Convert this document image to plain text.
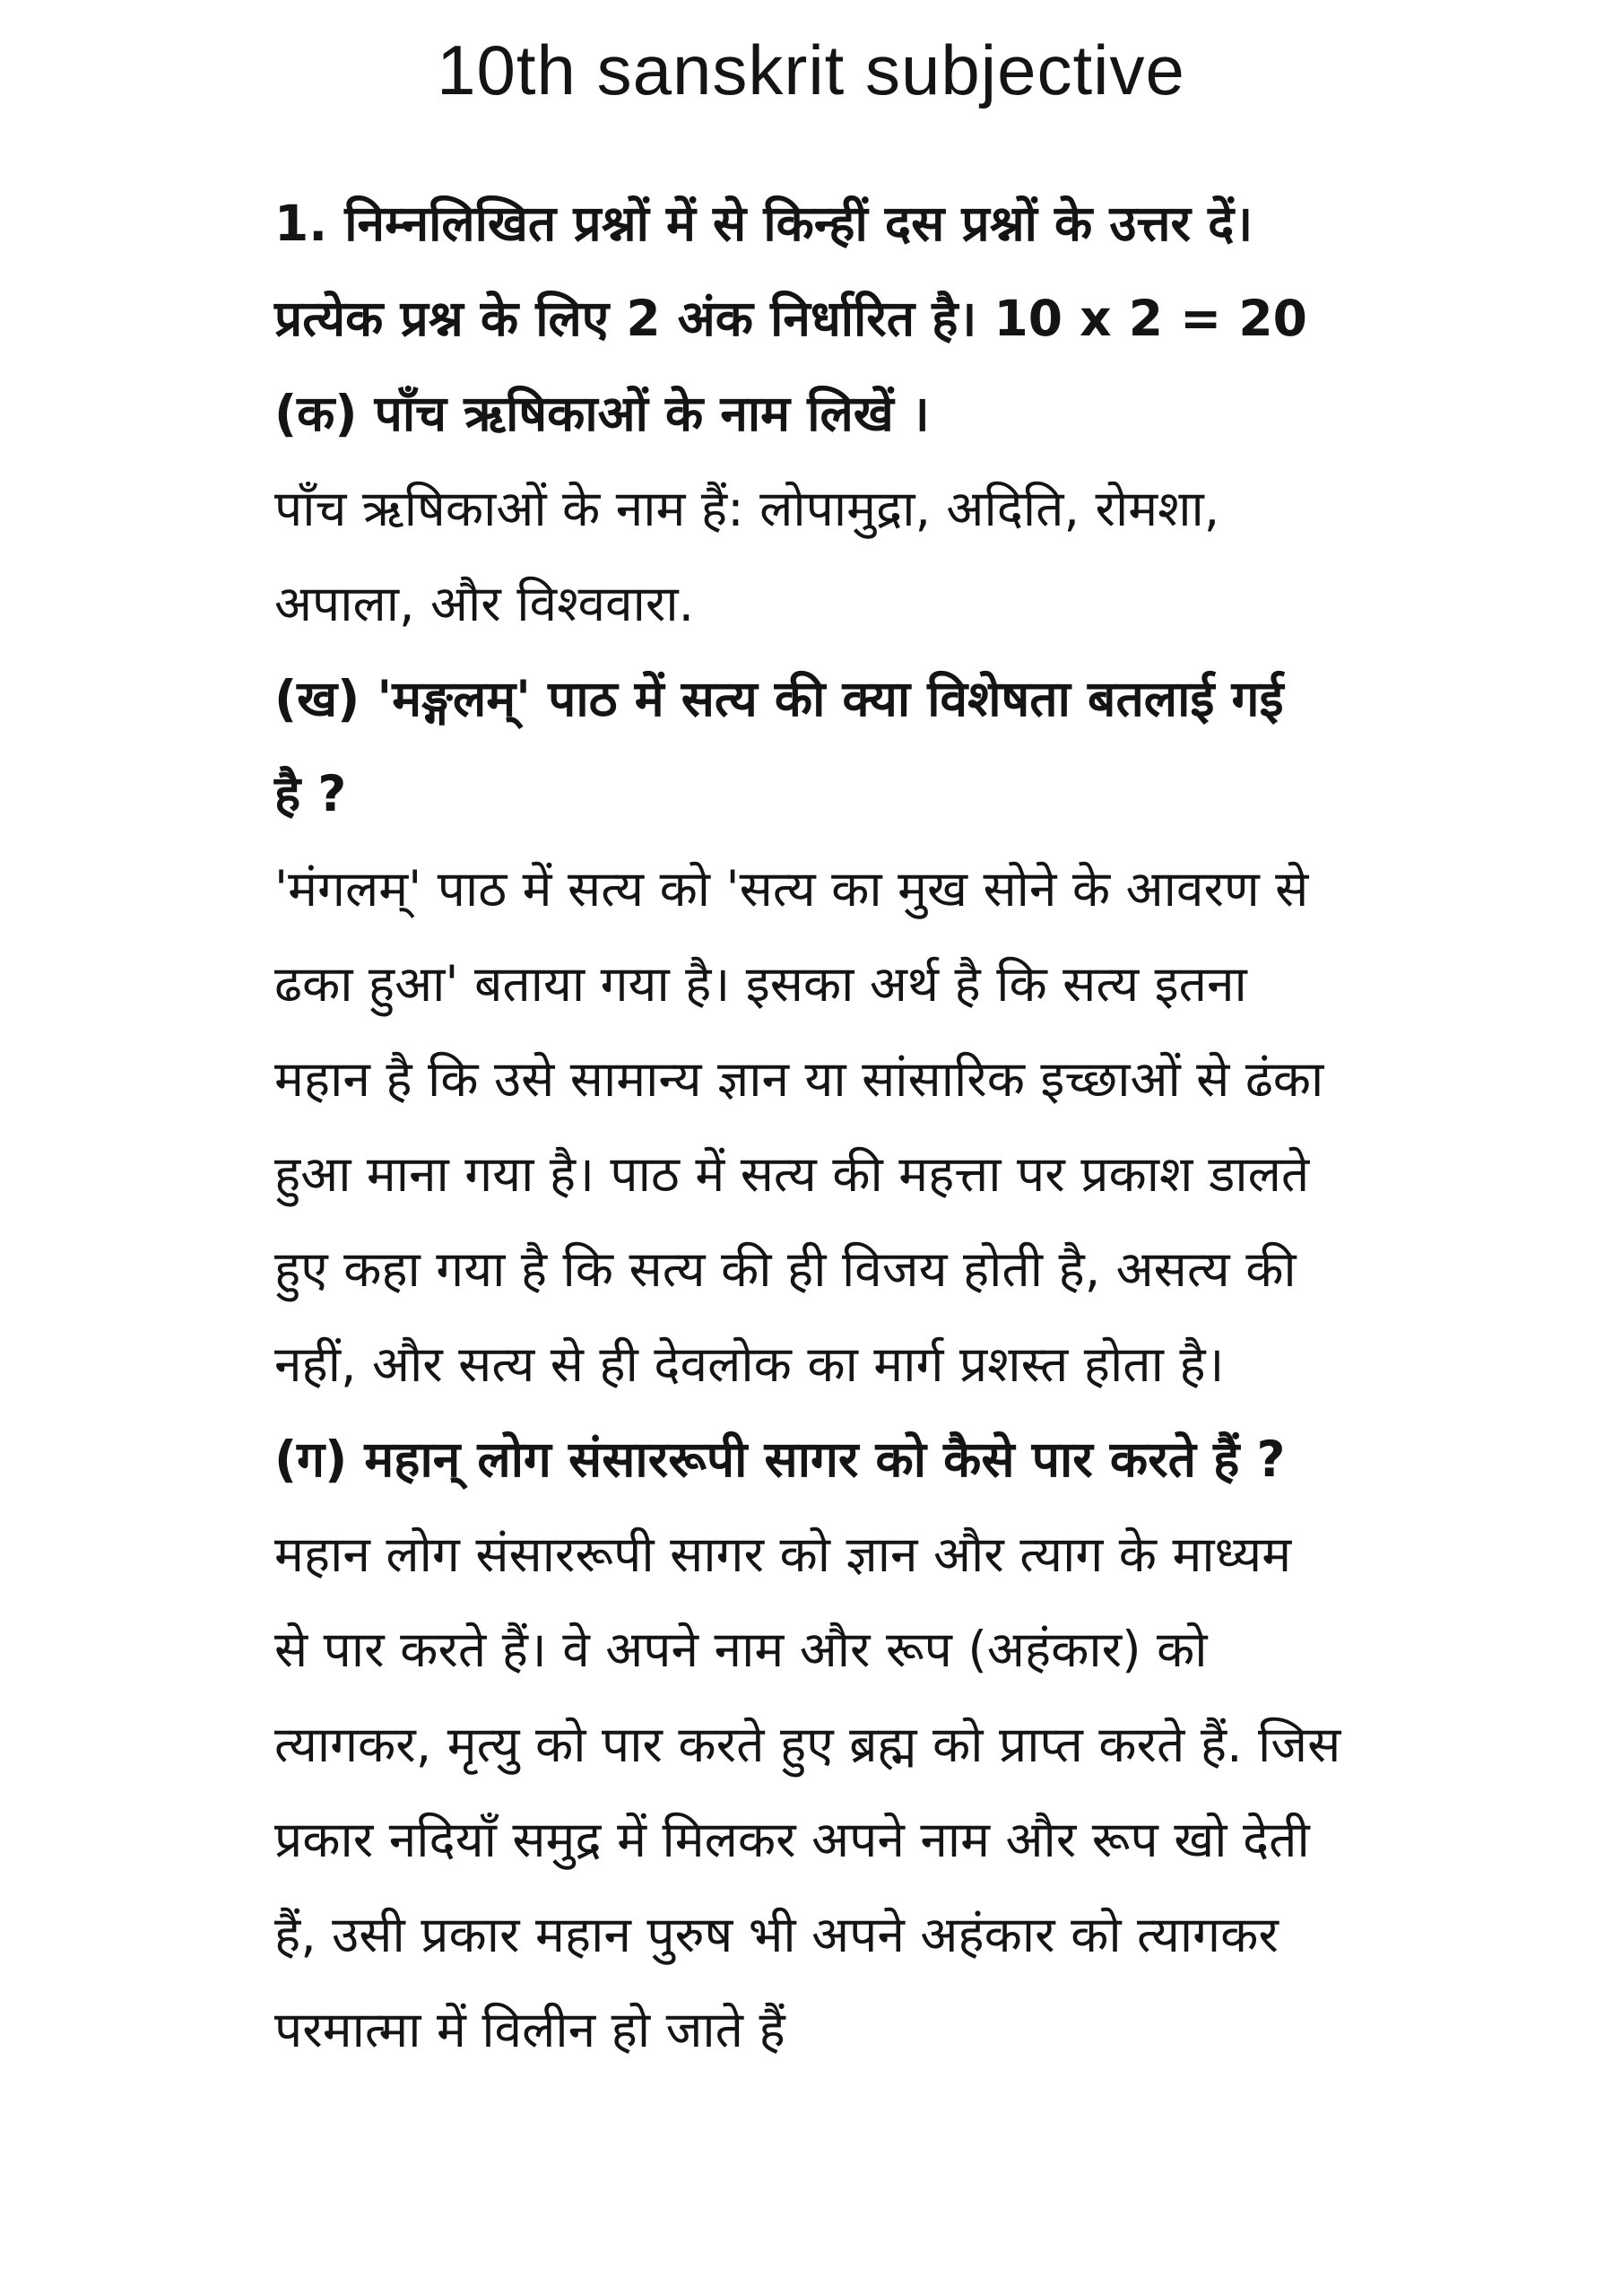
10th sanskrit subjective
1. निम्नलिखित प्रश्नों में से किन्हीं दस प्रश्नों के उत्तर दें।
प्रत्येक प्रश्न के लिए 2 अंक निर्धारित है। 10 x 2 = 20
(क) पाँच ऋषिकाओं के नाम लिखें ।
पाँच ऋषिकाओं के नाम हैं: लोपामुद्रा, अदिति, रोमशा,
अपाला, और विश्ववारा.
(ख) 'मङ्गलम्' पाठ में सत्य की क्या विशेषता बतलाई गई
है ?
'मंगलम्' पाठ में सत्य को 'सत्य का मुख सोने के आवरण से
ढका हुआ' बताया गया है। इसका अर्थ है कि सत्य इतना
महान है कि उसे सामान्य ज्ञान या सांसारिक इच्छाओं से ढंका
हुआ माना गया है। पाठ में सत्य की महत्ता पर प्रकाश डालते
हुए कहा गया है कि सत्य की ही विजय होती है, असत्य की
नहीं, और सत्य से ही देवलोक का मार्ग प्रशस्त होता है।
(ग) महान् लोग संसाररूपी सागर को कैसे पार करते हैं ?
महान लोग संसाररूपी सागर को ज्ञान और त्याग के माध्यम
से पार करते हैं। वे अपने नाम और रूप (अहंकार) को
त्यागकर, मृत्यु को पार करते हुए ब्रह्म को प्राप्त करते हैं. जिस
प्रकार नदियाँ समुद्र में मिलकर अपने नाम और रूप खो देती
हैं, उसी प्रकार महान पुरुष भी अपने अहंकार को त्यागकर
परमात्मा में विलीन हो जाते हैं
